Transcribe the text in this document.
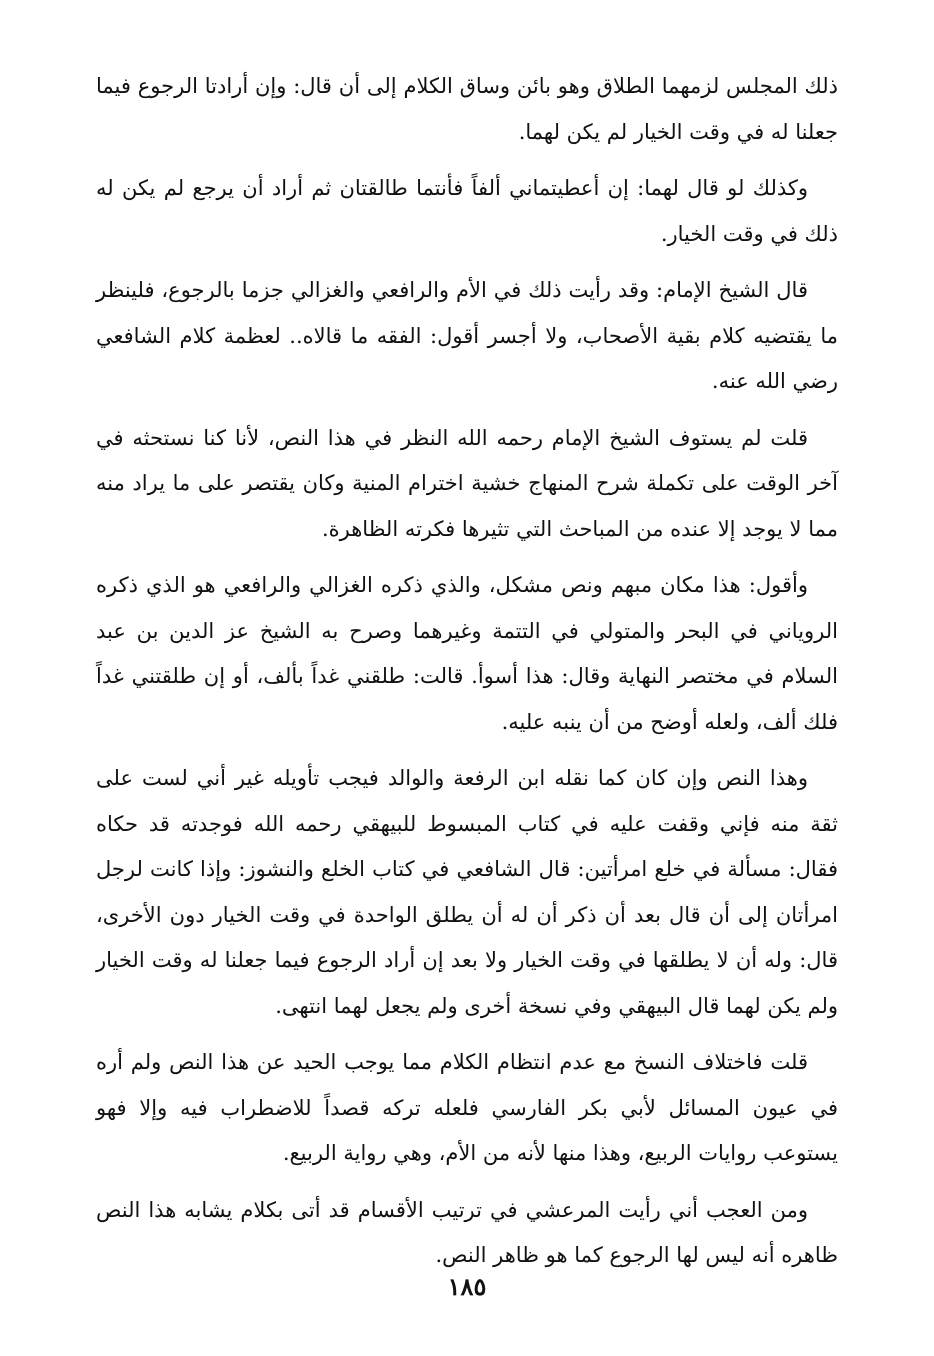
ذلك المجلس لزمهما الطلاق وهو بائن وساق الكلام إلى أن قال: وإن أرادتا الرجوع فيما جعلنا له في وقت الخيار لم يكن لهما.

وكذلك لو قال لهما: إن أعطيتماني ألفاً فأنتما طالقتان ثم أراد أن يرجع لم يكن له ذلك في وقت الخيار.

قال الشيخ الإمام: وقد رأيت ذلك في الأم والرافعي والغزالي جزما بالرجوع، فلينظر ما يقتضيه كلام بقية الأصحاب، ولا أجسر أقول: الفقه ما قالاه.. لعظمة كلام الشافعي رضي الله عنه.

قلت لم يستوف الشيخ الإمام رحمه الله النظر في هذا النص، لأنا كنا نستحثه في آخر الوقت على تكملة شرح المنهاج خشية اخترام المنية وكان يقتصر على ما يراد منه مما لا يوجد إلا عنده من المباحث التي تثيرها فكرته الظاهرة.

وأقول: هذا مكان مبهم ونص مشكل، والذي ذكره الغزالي والرافعي هو الذي ذكره الروياني في البحر والمتولي في التتمة وغيرهما وصرح به الشيخ عز الدين بن عبد السلام في مختصر النهاية وقال: هذا أسوأ. قالت: طلقني غداً بألف، أو إن طلقتني غداً فلك ألف، ولعله أوضح من أن ينبه عليه.

وهذا النص وإن كان كما نقله ابن الرفعة والوالد فيجب تأويله غير أني لست على ثقة منه فإني وقفت عليه في كتاب المبسوط للبيهقي رحمه الله فوجدته قد حكاه فقال: مسألة في خلع امرأتين: قال الشافعي في كتاب الخلع والنشوز: وإذا كانت لرجل امرأتان إلى أن قال بعد أن ذكر أن له أن يطلق الواحدة في وقت الخيار دون الأخرى، قال: وله أن لا يطلقها في وقت الخيار ولا بعد إن أراد الرجوع فيما جعلنا له وقت الخيار ولم يكن لهما قال البيهقي وفي نسخة أخرى ولم يجعل لهما انتهى.

قلت فاختلاف النسخ مع عدم انتظام الكلام مما يوجب الحيد عن هذا النص ولم أره في عيون المسائل لأبي بكر الفارسي فلعله تركه قصداً للاضطراب فيه وإلا فهو يستوعب روايات الربيع، وهذا منها لأنه من الأم، وهي رواية الربيع.

ومن العجب أني رأيت المرعشي في ترتيب الأقسام قد أتى بكلام يشابه هذا النص ظاهره أنه ليس لها الرجوع كما هو ظاهر النص.

١٨٥
